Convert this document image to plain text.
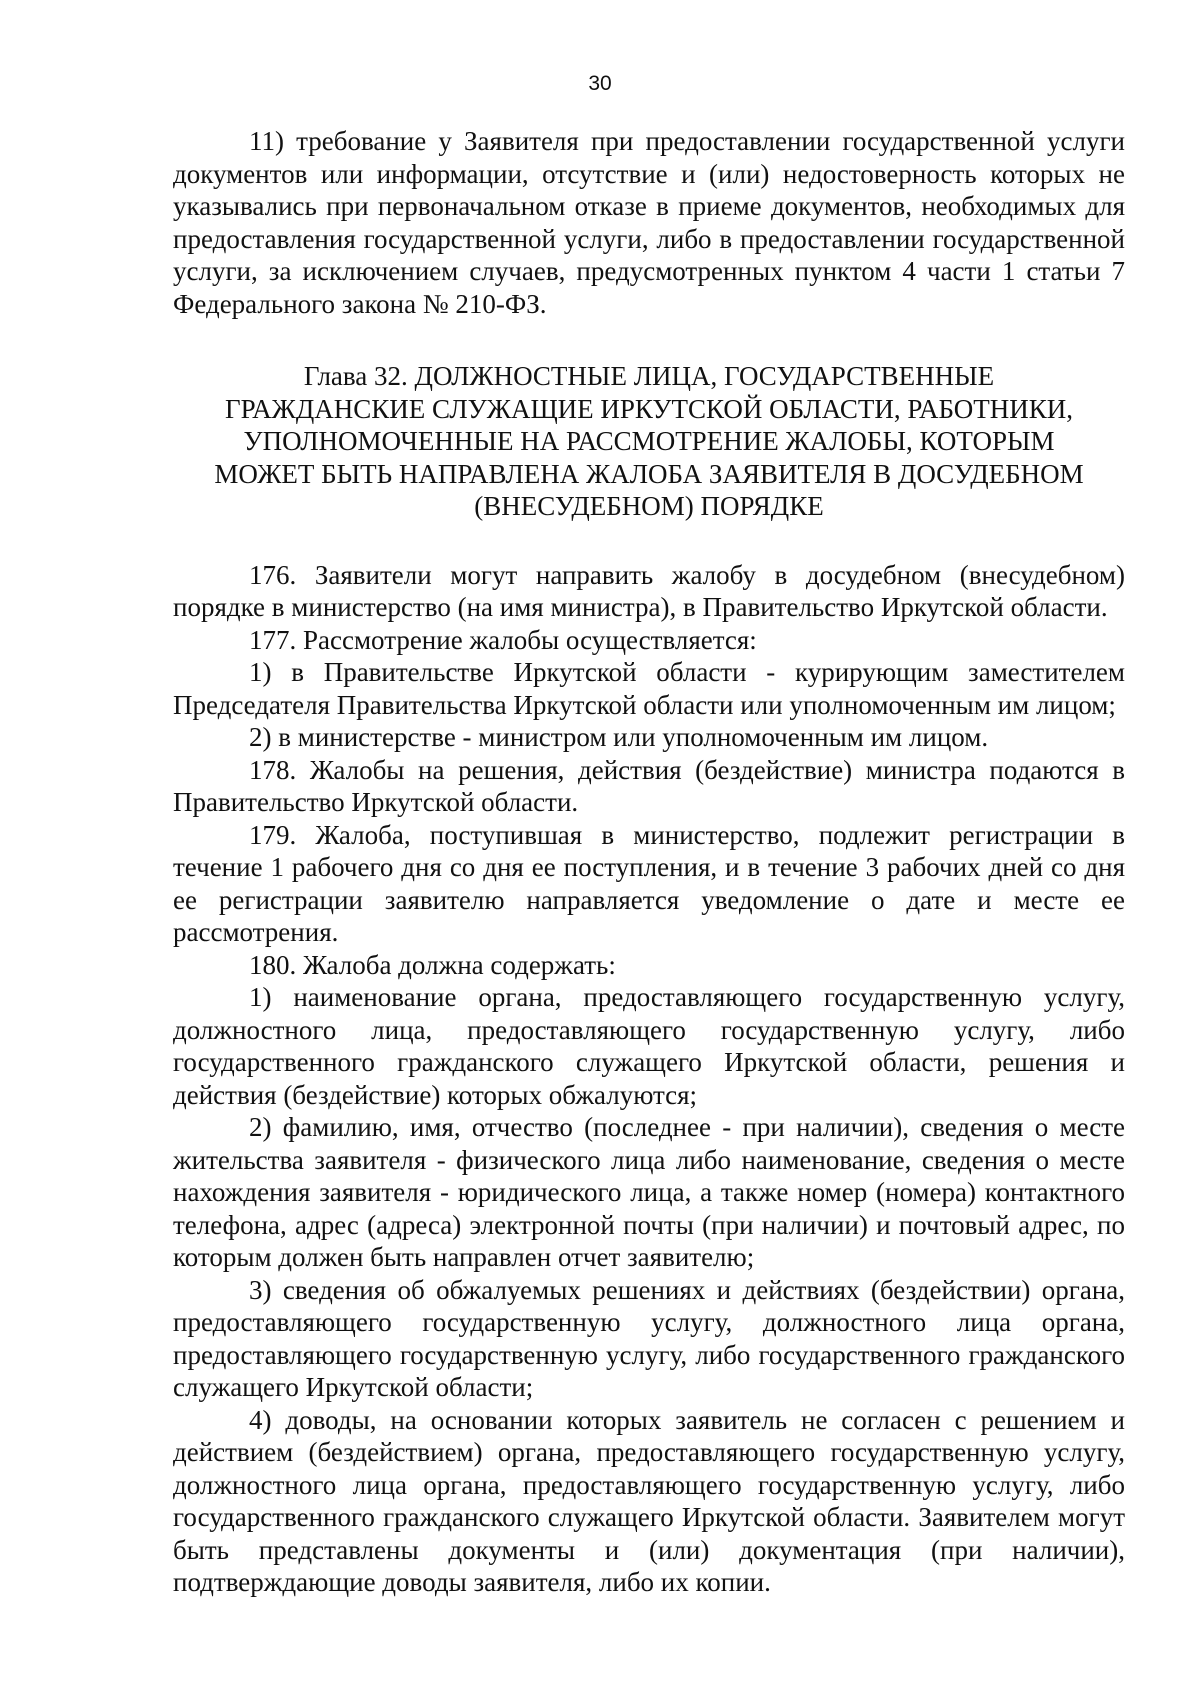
30

11) требование у Заявителя при предоставлении государственной услуги документов или информации, отсутствие и (или) недостоверность которых не указывались при первоначальном отказе в приеме документов, необходимых для предоставления государственной услуги, либо в предоставлении государственной услуги, за исключением случаев, предусмотренных пунктом 4 части 1 статьи 7 Федерального закона № 210-ФЗ.

Глава 32. ДОЛЖНОСТНЫЕ ЛИЦА, ГОСУДАРСТВЕННЫЕ
ГРАЖДАНСКИЕ СЛУЖАЩИЕ ИРКУТСКОЙ ОБЛАСТИ, РАБОТНИКИ,
УПОЛНОМОЧЕННЫЕ НА РАССМОТРЕНИЕ ЖАЛОБЫ, КОТОРЫМ
МОЖЕТ БЫТЬ НАПРАВЛЕНА ЖАЛОБА ЗАЯВИТЕЛЯ В ДОСУДЕБНОМ
(ВНЕСУДЕБНОМ) ПОРЯДКЕ

176. Заявители могут направить жалобу в досудебном (внесудебном) порядке в министерство (на имя министра), в Правительство Иркутской области.

177. Рассмотрение жалобы осуществляется:

1) в Правительстве Иркутской области - курирующим заместителем Председателя Правительства Иркутской области или уполномоченным им лицом;

2) в министерстве - министром или уполномоченным им лицом.

178. Жалобы на решения, действия (бездействие) министра подаются в Правительство Иркутской области.

179. Жалоба, поступившая в министерство, подлежит регистрации в течение 1 рабочего дня со дня ее поступления, и в течение 3 рабочих дней со дня ее регистрации заявителю направляется уведомление о дате и месте ее рассмотрения.

180. Жалоба должна содержать:

1) наименование органа, предоставляющего государственную услугу, должностного лица, предоставляющего государственную услугу, либо государственного гражданского служащего Иркутской области, решения и действия (бездействие) которых обжалуются;

2) фамилию, имя, отчество (последнее - при наличии), сведения о месте жительства заявителя - физического лица либо наименование, сведения о месте нахождения заявителя - юридического лица, а также номер (номера) контактного телефона, адрес (адреса) электронной почты (при наличии) и почтовый адрес, по которым должен быть направлен отчет заявителю;

3) сведения об обжалуемых решениях и действиях (бездействии) органа, предоставляющего государственную услугу, должностного лица органа, предоставляющего государственную услугу, либо государственного гражданского служащего Иркутской области;

4) доводы, на основании которых заявитель не согласен с решением и действием (бездействием) органа, предоставляющего государственную услугу, должностного лица органа, предоставляющего государственную услугу, либо государственного гражданского служащего Иркутской области. Заявителем могут быть представлены документы и (или) документация (при наличии), подтверждающие доводы заявителя, либо их копии.
